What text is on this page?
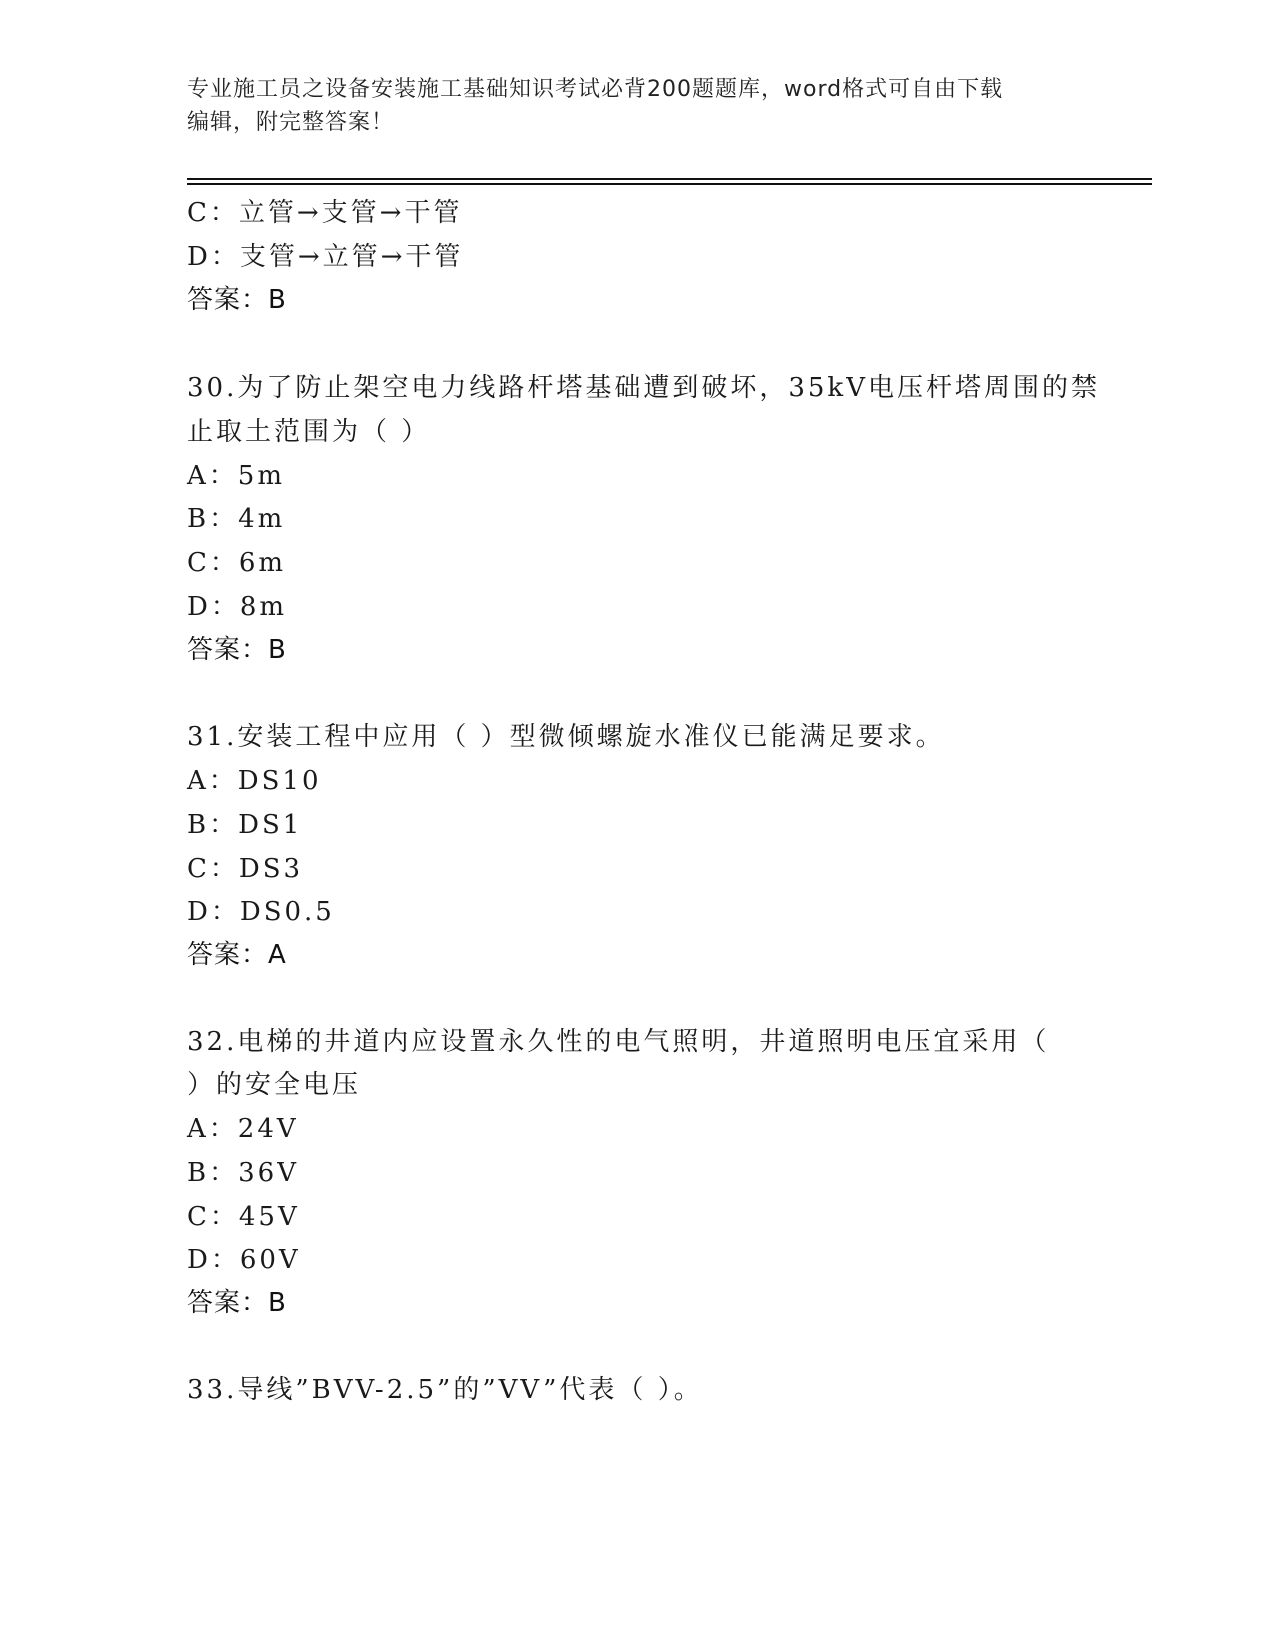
专业施工员之设备安装施工基础知识考试必背200题题库，word格式可自由下载
编辑，附完整答案！
C：立管→支管→干管
D：支管→立管→干管
答案：B
30.为了防止架空电力线路杆塔基础遭到破坏，35kV电压杆塔周围的禁
止取土范围为（ ）
A：5m
B：4m
C：6m
D：8m
答案：B
31.安装工程中应用（ ）型微倾螺旋水准仪已能满足要求。
A：DS10
B：DS1
C：DS3
D：DS0.5
答案：A
32.电梯的井道内应设置永久性的电气照明，井道照明电压宜采用（
）的安全电压
A：24V
B：36V
C：45V
D：60V
答案：B
33.导线”BVV-2.5”的”VV”代表（ ）。
